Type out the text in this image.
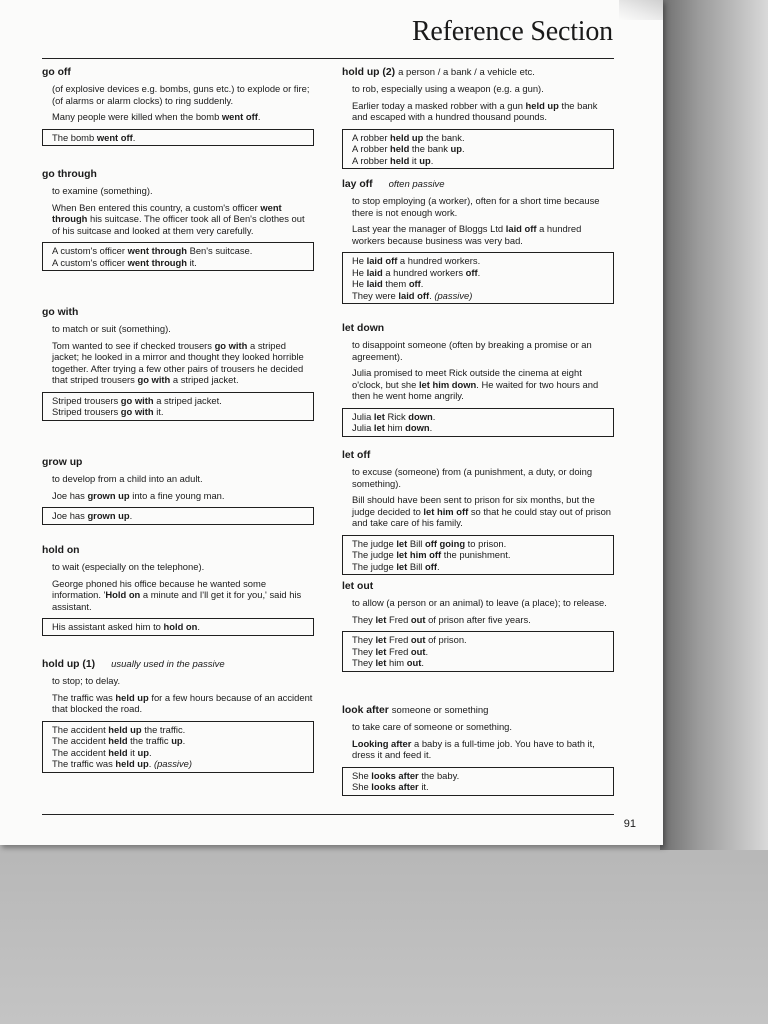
Reference Section
go off
(of explosive devices e.g. bombs, guns etc.) to explode or fire; (of alarms or alarm clocks) to ring suddenly.
Many people were killed when the bomb went off.
The bomb went off.
go through
to examine (something).
When Ben entered this country, a custom's officer went through his suitcase. The officer took all of Ben's clothes out of his suitcase and looked at them very carefully.
A custom's officer went through Ben's suitcase.
A custom's officer went through it.
go with
to match or suit (something).
Tom wanted to see if checked trousers go with a striped jacket; he looked in a mirror and thought they looked horrible together. After trying a few other pairs of trousers he decided that striped trousers go with a striped jacket.
Striped trousers go with a striped jacket.
Striped trousers go with it.
grow up
to develop from a child into an adult.
Joe has grown up into a fine young man.
Joe has grown up.
hold on
to wait (especially on the telephone).
George phoned his office because he wanted some information. 'Hold on a minute and I'll get it for you,' said his assistant.
His assistant asked him to hold on.
hold up (1) usually used in the passive
to stop; to delay.
The traffic was held up for a few hours because of an accident that blocked the road.
The accident held up the traffic.
The accident held the traffic up.
The accident held it up.
The traffic was held up. (passive)
hold up (2) a person / a bank / a vehicle etc.
to rob, especially using a weapon (e.g. a gun).
Earlier today a masked robber with a gun held up the bank and escaped with a hundred thousand pounds.
A robber held up the bank.
A robber held the bank up.
A robber held it up.
lay off often passive
to stop employing (a worker), often for a short time because there is not enough work.
Last year the manager of Bloggs Ltd laid off a hundred workers because business was very bad.
He laid off a hundred workers.
He laid a hundred workers off.
He laid them off.
They were laid off. (passive)
let down
to disappoint someone (often by breaking a promise or an agreement).
Julia promised to meet Rick outside the cinema at eight o'clock, but she let him down. He waited for two hours and then he went home angrily.
Julia let Rick down.
Julia let him down.
let off
to excuse (someone) from (a punishment, a duty, or doing something).
Bill should have been sent to prison for six months, but the judge decided to let him off so that he could stay out of prison and take care of his family.
The judge let Bill off going to prison.
The judge let him off the punishment.
The judge let Bill off.
let out
to allow (a person or an animal) to leave (a place); to release.
They let Fred out of prison after five years.
They let Fred out of prison.
They let Fred out.
They let him out.
look after someone or something
to take care of someone or something.
Looking after a baby is a full-time job. You have to bath it, dress it and feed it.
She looks after the baby.
She looks after it.
91
